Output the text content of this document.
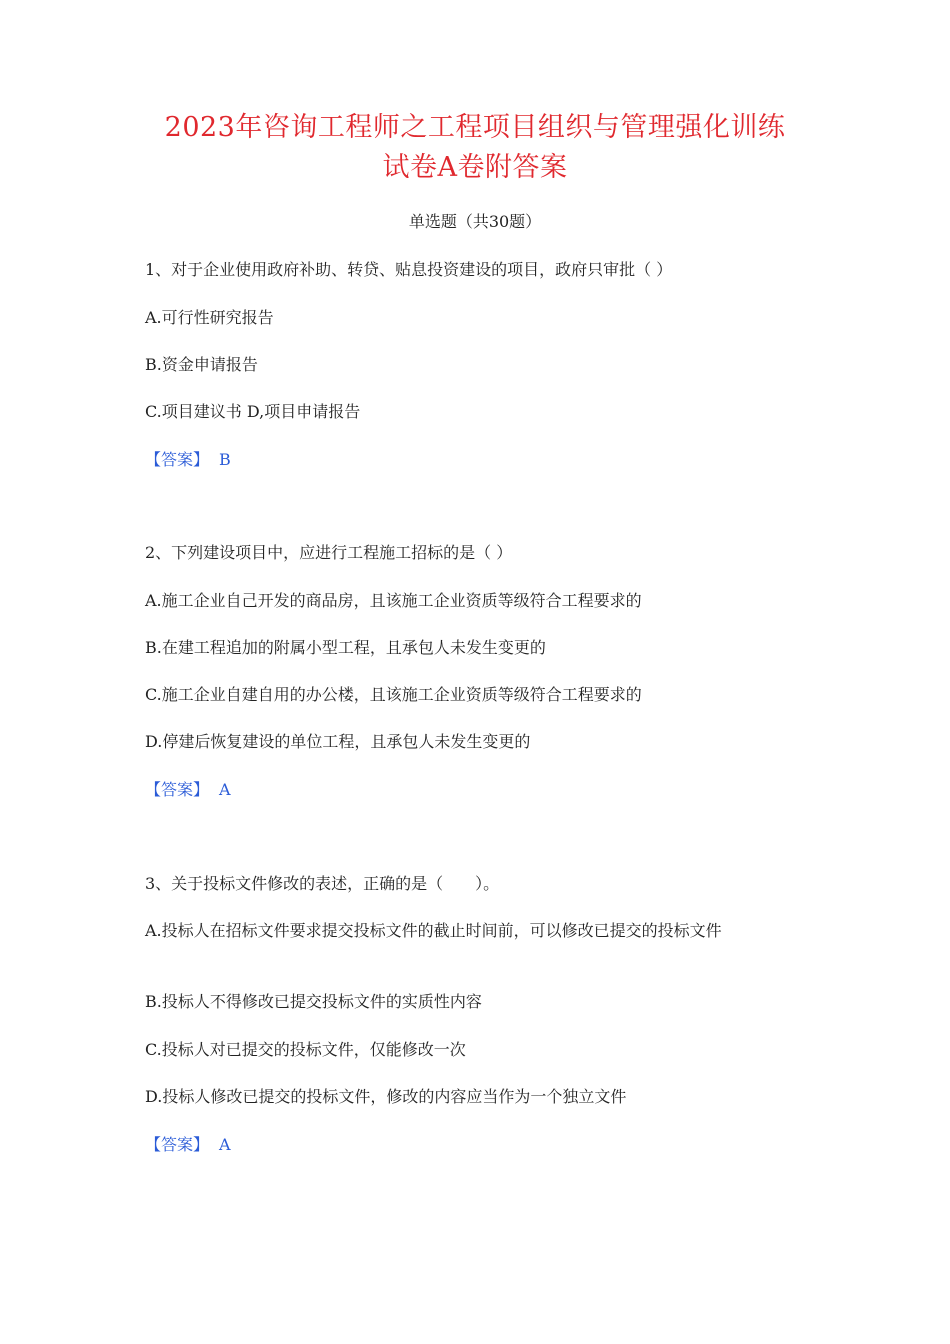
2023年咨询工程师之工程项目组织与管理强化训练
试卷A卷附答案
单选题（共30题）
1、对于企业使用政府补助、转贷、贴息投资建设的项目，政府只审批（ ）
A.可行性研究报告
B.资金申请报告
C.项目建议书 D,项目申请报告
【答案】 B
2、下列建设项目中，应进行工程施工招标的是（ ）
A.施工企业自己开发的商品房，且该施工企业资质等级符合工程要求的
B.在建工程追加的附属小型工程，且承包人未发生变更的
C.施工企业自建自用的办公楼，且该施工企业资质等级符合工程要求的
D.停建后恢复建设的单位工程，且承包人未发生变更的
【答案】 A
3、关于投标文件修改的表述，正确的是（　　）。
A.投标人在招标文件要求提交投标文件的截止时间前，可以修改已提交的投标文件
B.投标人不得修改已提交投标文件的实质性内容
C.投标人对已提交的投标文件，仅能修改一次
D.投标人修改已提交的投标文件，修改的内容应当作为一个独立文件
【答案】 A
